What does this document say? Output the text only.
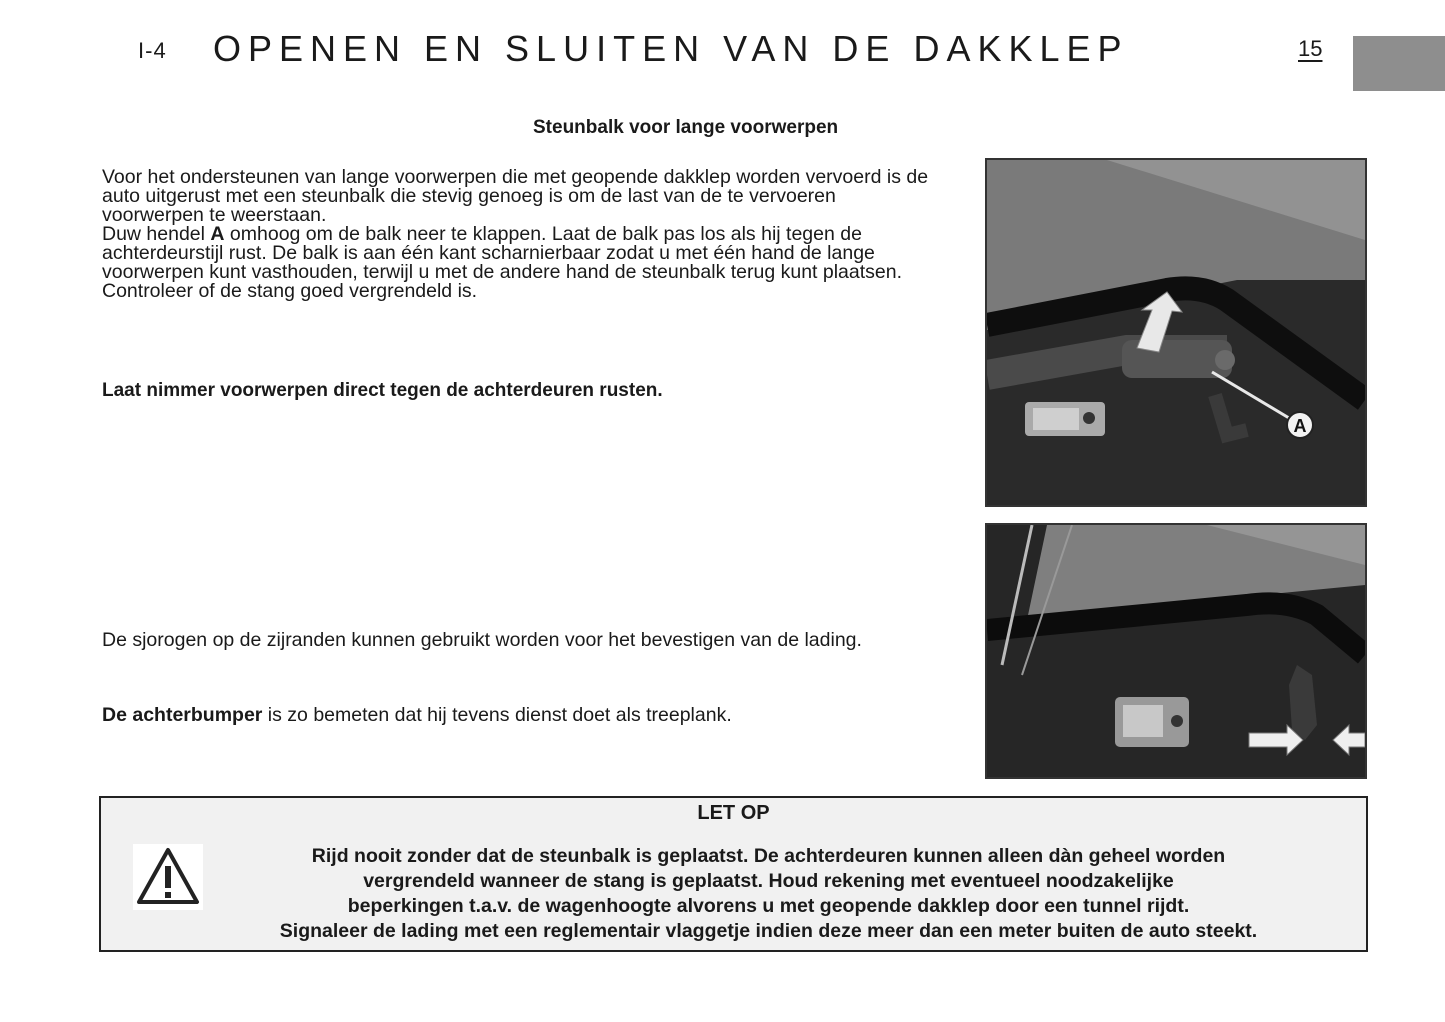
I-4 OPENEN EN SLUITEN VAN DE DAKKLEP	15
Steunbalk voor lange voorwerpen

Voor het ondersteunen van lange voorwerpen die met geopende dakklep worden vervoerd is de auto uitgerust met een steunbalk die stevig genoeg is om de last van de te vervoeren voorwerpen te weerstaan.

Duw hendel A omhoog om de balk neer te klappen. Laat de balk pas los als hij tegen de achterdeurstijl rust. De balk is aan één kant scharnierbaar zodat u met één hand de lange voorwerpen kunt vasthouden, terwijl u met de andere hand de steunbalk terug kunt plaatsen.

Controleer of de stang goed vergrendeld is.

Laat nimmer voorwerpen direct tegen de achterdeuren rusten.
De sjorogen op de zijranden kunnen gebruikt worden voor het bevestigen van de lading.
De achterbumper is zo bemeten dat hij tevens dienst doet als treeplank.
A
LET OP
Rijd nooit zonder dat de steunbalk is geplaatst. De achterdeuren kunnen alleen dàn geheel worden
vergrendeld wanneer de stang is geplaatst. Houd rekening met eventueel noodzakelijke
beperkingen t.a.v. de wagenhoogte alvorens u met geopende dakklep door een tunnel rijdt.
Signaleer de lading met een reglementair vlaggetje indien deze meer dan een meter buiten de auto steekt.
